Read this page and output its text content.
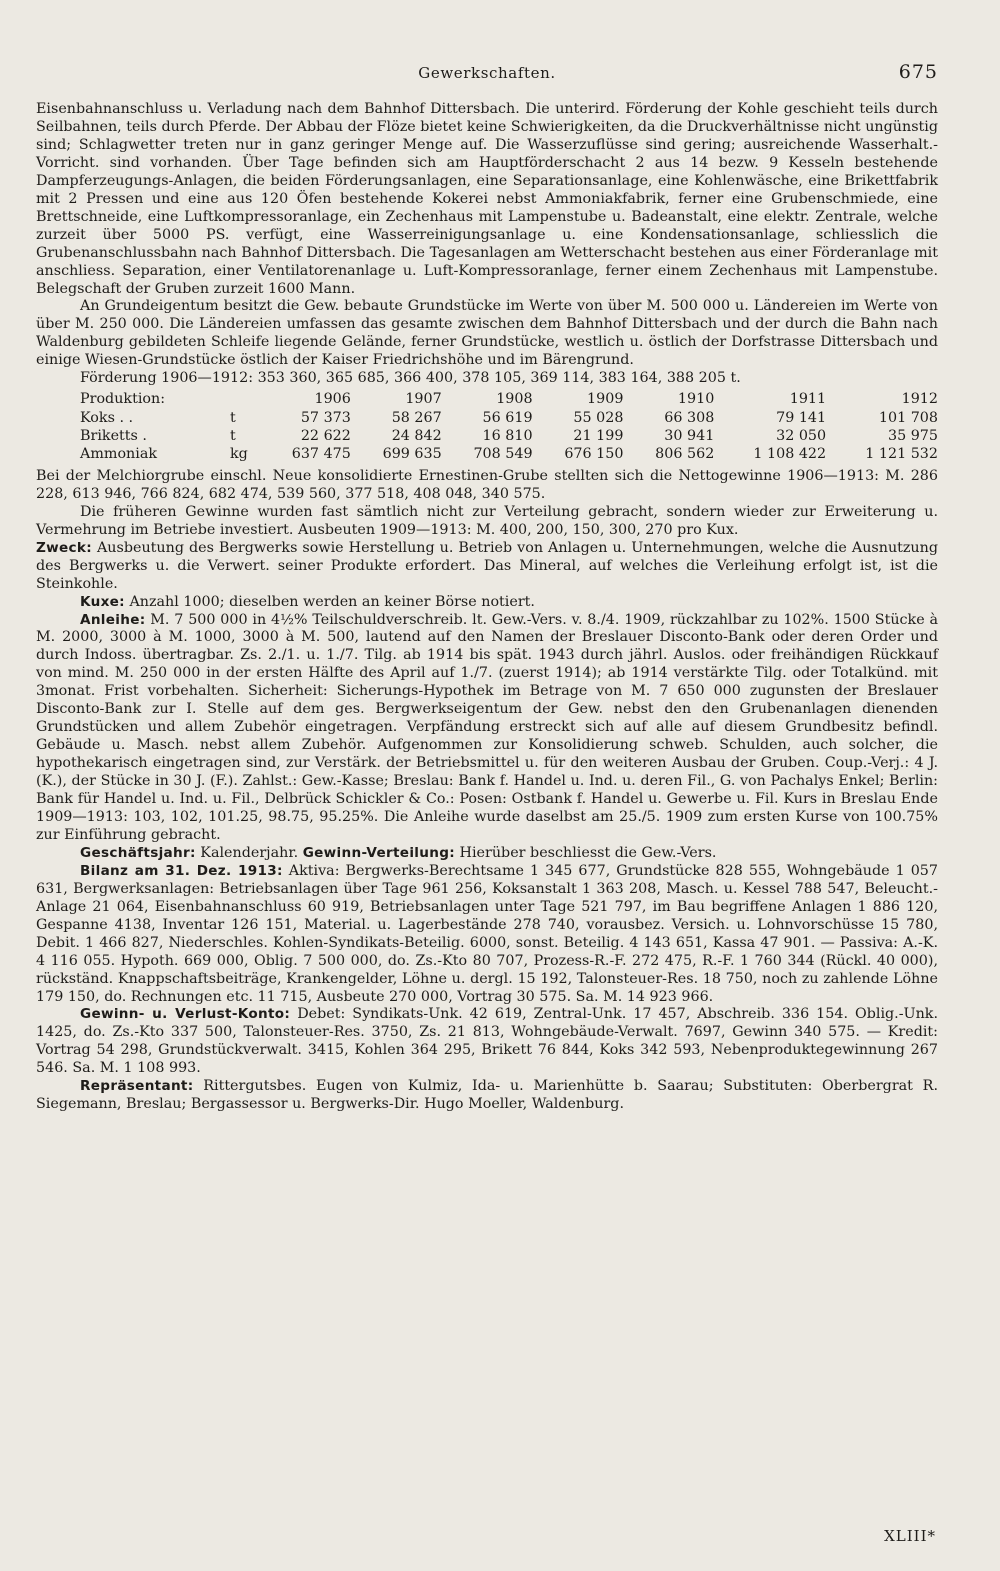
Gewerkschaften.	675

Eisenbahnanschluss u. Verladung nach dem Bahnhof Dittersbach. Die unterird. Förderung der Kohle geschieht teils durch Seilbahnen, teils durch Pferde. Der Abbau der Flöze bietet keine Schwierigkeiten, da die Druckverhältnisse nicht ungünstig sind; Schlagwetter treten nur in ganz geringer Menge auf. Die Wasserzuflüsse sind gering; ausreichende Wasserhalt.-Vorricht. sind vorhanden. Über Tage befinden sich am Hauptförderschacht 2 aus 14 bezw. 9 Kesseln bestehende Dampferzeugungs-Anlagen, die beiden Förderungsanlagen, eine Separationsanlage, eine Kohlenwäsche, eine Brikettfabrik mit 2 Pressen und eine aus 120 Öfen bestehende Kokerei nebst Ammoniakfabrik, ferner eine Grubenschmiede, eine Brettschneide, eine Luftkompressoranlage, ein Zechenhaus mit Lampenstube u. Badeanstalt, eine elektr. Zentrale, welche zurzeit über 5000 PS. verfügt, eine Wasserreinigungsanlage u. eine Kondensationsanlage, schliesslich die Grubenanschlussbahn nach Bahnhof Dittersbach. Die Tagesanlagen am Wetterschacht bestehen aus einer Förderanlage mit anschliess. Separation, einer Ventilatorenanlage u. Luft-Kompressoranlage, ferner einem Zechenhaus mit Lampenstube. Belegschaft der Gruben zurzeit 1600 Mann.

An Grundeigentum besitzt die Gew. bebaute Grundstücke im Werte von über M. 500 000 u. Ländereien im Werte von über M. 250 000. Die Ländereien umfassen das gesamte zwischen dem Bahnhof Dittersbach und der durch die Bahn nach Waldenburg gebildeten Schleife liegende Gelände, ferner Grundstücke, westlich u. östlich der Dorfstrasse Dittersbach und einige Wiesen-Grundstücke östlich der Kaiser Friedrichshöhe und im Bärengrund.

Förderung 1906—1912: 353 360, 365 685, 366 400, 378 105, 369 114, 383 164, 388 205 t.

Produktion:		1906	1907	1908	1909	1910	1911	1912
Koks . .	t	57 373	58 267	56 619	55 028	66 308	79 141	101 708
Briketts .	t	22 622	24 842	16 810	21 199	30 941	32 050	35 975
Ammoniak	kg	637 475	699 635	708 549	676 150	806 562	1 108 422	1 121 532

Bei der Melchiorgrube einschl. Neue konsolidierte Ernestinen-Grube stellten sich die Nettogewinne 1906—1913: M. 286 228, 613 946, 766 824, 682 474, 539 560, 377 518, 408 048, 340 575.

Die früheren Gewinne wurden fast sämtlich nicht zur Verteilung gebracht, sondern wieder zur Erweiterung u. Vermehrung im Betriebe investiert. Ausbeuten 1909—1913: M. 400, 200, 150, 300, 270 pro Kux.

Zweck: Ausbeutung des Bergwerks sowie Herstellung u. Betrieb von Anlagen u. Unternehmungen, welche die Ausnutzung des Bergwerks u. die Verwert. seiner Produkte erfordert. Das Mineral, auf welches die Verleihung erfolgt ist, ist die Steinkohle.

Kuxe: Anzahl 1000; dieselben werden an keiner Börse notiert.

Anleihe: M. 7 500 000 in 4½% Teilschuldverschreib. lt. Gew.-Vers. v. 8./4. 1909, rückzahlbar zu 102%. 1500 Stücke à M. 2000, 3000 à M. 1000, 3000 à M. 500, lautend auf den Namen der Breslauer Disconto-Bank oder deren Order und durch Indoss. übertragbar. Zs. 2./1. u. 1./7. Tilg. ab 1914 bis spät. 1943 durch jährl. Auslos. oder freihändigen Rückkauf von mind. M. 250 000 in der ersten Hälfte des April auf 1./7. (zuerst 1914); ab 1914 verstärkte Tilg. oder Totalkünd. mit 3monat. Frist vorbehalten. Sicherheit: Sicherungs-Hypothek im Betrage von M. 7 650 000 zugunsten der Breslauer Disconto-Bank zur I. Stelle auf dem ges. Bergwerkseigentum der Gew. nebst den den Grubenanlagen dienenden Grundstücken und allem Zubehör eingetragen. Verpfändung erstreckt sich auf alle auf diesem Grundbesitz befindl. Gebäude u. Masch. nebst allem Zubehör. Aufgenommen zur Konsolidierung schweb. Schulden, auch solcher, die hypothekarisch eingetragen sind, zur Verstärk. der Betriebsmittel u. für den weiteren Ausbau der Gruben. Coup.-Verj.: 4 J. (K.), der Stücke in 30 J. (F.). Zahlst.: Gew.-Kasse; Breslau: Bank f. Handel u. Ind. u. deren Fil., G. von Pachalys Enkel; Berlin: Bank für Handel u. Ind. u. Fil., Delbrück Schickler & Co.: Posen: Ostbank f. Handel u. Gewerbe u. Fil. Kurs in Breslau Ende 1909—1913: 103, 102, 101.25, 98.75, 95.25%. Die Anleihe wurde daselbst am 25./5. 1909 zum ersten Kurse von 100.75% zur Einführung gebracht.

Geschäftsjahr: Kalenderjahr. Gewinn-Verteilung: Hierüber beschliesst die Gew.-Vers.

Bilanz am 31. Dez. 1913: Aktiva: Bergwerks-Berechtsame 1 345 677, Grundstücke 828 555, Wohngebäude 1 057 631, Bergwerksanlagen: Betriebsanlagen über Tage 961 256, Koksanstalt 1 363 208, Masch. u. Kessel 788 547, Beleucht.-Anlage 21 064, Eisenbahnanschluss 60 919, Betriebsanlagen unter Tage 521 797, im Bau begriffene Anlagen 1 886 120, Gespanne 4138, Inventar 126 151, Material. u. Lagerbestände 278 740, vorausbez. Versich. u. Lohnvorschüsse 15 780, Debit. 1 466 827, Niederschles. Kohlen-Syndikats-Beteilig. 6000, sonst. Beteilig. 4 143 651, Kassa 47 901. — Passiva: A.-K. 4 116 055. Hypoth. 669 000, Oblig. 7 500 000, do. Zs.-Kto 80 707, Prozess-R.-F. 272 475, R.-F. 1 760 344 (Rückl. 40 000), rückständ. Knappschaftsbeiträge, Krankengelder, Löhne u. dergl. 15 192, Talonsteuer-Res. 18 750, noch zu zahlende Löhne 179 150, do. Rechnungen etc. 11 715, Ausbeute 270 000, Vortrag 30 575. Sa. M. 14 923 966.

Gewinn- u. Verlust-Konto: Debet: Syndikats-Unk. 42 619, Zentral-Unk. 17 457, Abschreib. 336 154. Oblig.-Unk. 1425, do. Zs.-Kto 337 500, Talonsteuer-Res. 3750, Zs. 21 813, Wohngebäude-Verwalt. 7697, Gewinn 340 575. — Kredit: Vortrag 54 298, Grundstückverwalt. 3415, Kohlen 364 295, Brikett 76 844, Koks 342 593, Nebenproduktegewinnung 267 546. Sa. M. 1 108 993.

Repräsentant: Rittergutsbes. Eugen von Kulmiz, Ida- u. Marienhütte b. Saarau; Substituten: Oberbergrat R. Siegemann, Breslau; Bergassessor u. Bergwerks-Dir. Hugo Moeller, Waldenburg.

XLIII*
